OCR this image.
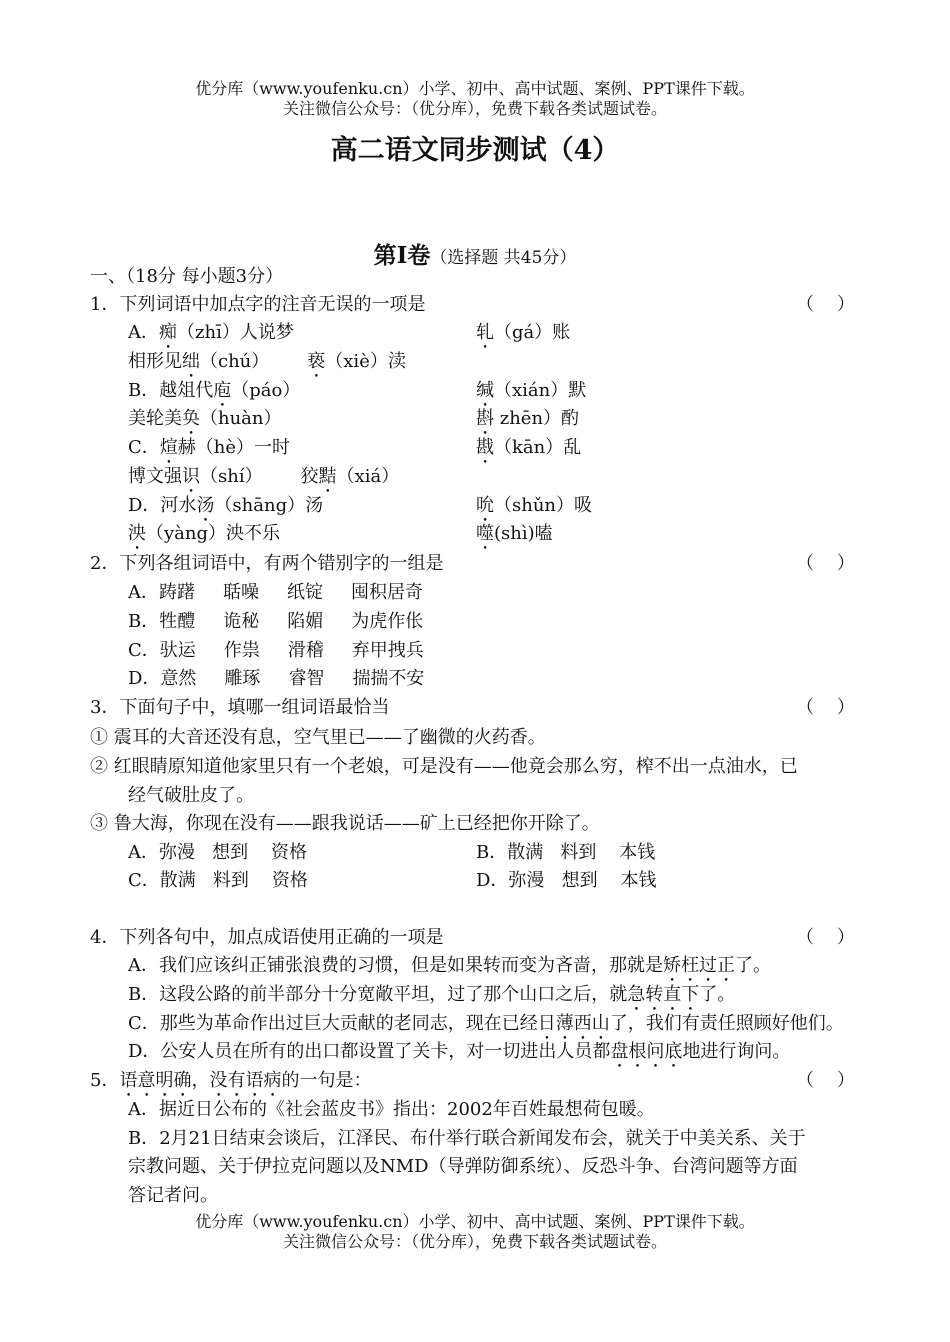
优分库（www.youfenku.cn）小学、初中、高中试题、案例、PPT课件下载。
关注微信公众号：（优分库），免费下载各类试题试卷。
高二语文同步测试（4）
第Ⅰ卷（选择题 共45分）
一、（18分 每小题3分）
1．下列词语中加点字的注音无误的一项是	（    ）
A．痴（zhī）人说梦	轧（gá）账
相形见绌（chú） 亵（xiè）渎
B．越俎代庖（páo）	缄（xián）默
美轮美奂（huàn）	斟 zhēn）酌
C．煊赫（hè）一时	戡（kān）乱
博文强识（shí） 狡黠（xiá）
D．河水汤（shāng）汤	吮（shǔn）吸
泱（yàng）泱不乐	噬(shì)嗑
2．下列各组词语中，有两个错别字的一组是	（    ）
A．踌躇 聒噪 纸锭 囤积居奇
B．牲醴 诡秘 陷媚 为虎作伥
C．驮运 作祟 滑稽 弃甲拽兵
D．意然 雕琢 睿智 揣揣不安
3．下面句子中，填哪一组词语最恰当	（    ）
① 震耳的大音还没有息，空气里已——了幽微的火药香。
② 红眼睛原知道他家里只有一个老娘，可是没有——他竟会那么穷，榨不出一点油水，已
经气破肚皮了。
③ 鲁大海，你现在没有——跟我说话——矿上已经把你开除了。
A．弥漫   想到    资格	B．散满   料到    本钱
C．散满   料到    资格	D．弥漫   想到    本钱
4．下列各句中，加点成语使用正确的一项是	（    ）
A．我们应该纠正铺张浪费的习惯，但是如果转而变为吝啬，那就是矫枉过正了。
B．这段公路的前半部分十分宽敞平坦，过了那个山口之后，就急转直下了。
C．那些为革命作出过巨大贡献的老同志，现在已经日薄西山了，我们有责任照顾好他们。
D．公安人员在所有的出口都设置了关卡，对一切进出人员都盘根问底地进行询问。
5．语意明确，没有语病的一句是：	（    ）
A．据近日公布的《社会蓝皮书》指出：2002年百姓最想荷包暖。
B．2月21日结束会谈后，江泽民、布什举行联合新闻发布会，就关于中美关系、关于
宗教问题、关于伊拉克问题以及NMD（导弹防御系统）、反恐斗争、台湾问题等方面
答记者问。
优分库（www.youfenku.cn）小学、初中、高中试题、案例、PPT课件下载。
关注微信公众号：（优分库），免费下载各类试题试卷。
